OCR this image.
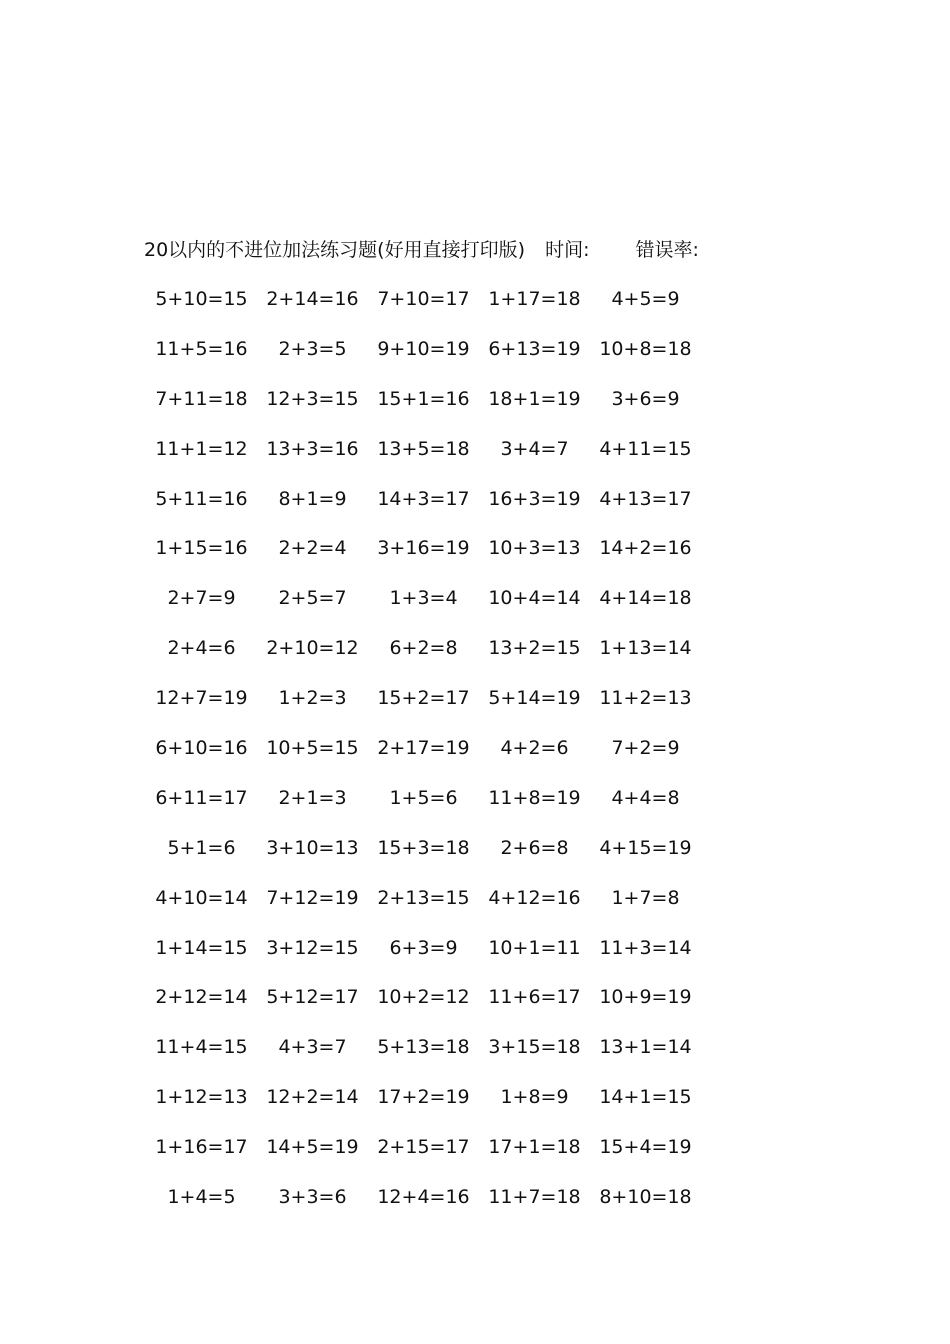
20以内的不进位加法练习题(好用直接打印版) 时间: 错误率:
5+10=15 2+14=16 7+10=17 1+17=18	4+5=9
11+5=16	2+3=5	9+10=19 6+13=19 10+8=18
7+11=18 12+3=15 15+1=16 18+1=19	3+6=9
11+1=12 13+3=16 13+5=18	3+4=7	4+11=15
5+11=16	8+1=9	14+3=17 16+3=19 4+13=17
1+15=16	2+2=4	3+16=19 10+3=13 14+2=16
2+7=9	2+5=7	1+3=4	10+4=14 4+14=18
2+4=6	2+10=12	6+2=8	13+2=15 1+13=14
12+7=19	1+2=3	15+2=17 5+14=19 11+2=13
6+10=16 10+5=15 2+17=19	4+2=6	7+2=9
6+11=17	2+1=3	1+5=6	11+8=19	4+4=8
5+1=6	3+10=13 15+3=18	2+6=8	4+15=19
4+10=14 7+12=19 2+13=15 4+12=16	1+7=8
1+14=15 3+12=15	6+3=9	10+1=11 11+3=14
2+12=14 5+12=17 10+2=12 11+6=17 10+9=19
11+4=15	4+3=7	5+13=18 3+15=18 13+1=14
1+12=13 12+2=14 17+2=19	1+8=9	14+1=15
1+16=17 14+5=19 2+15=17 17+1=18 15+4=19
1+4=5	3+3=6	12+4=16 11+7=18 8+10=18
